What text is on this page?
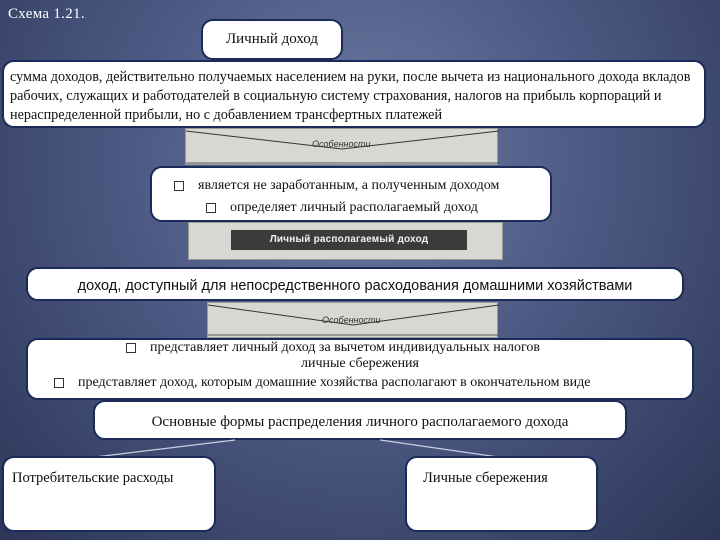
Схема 1.21.
Личный доход
сумма доходов, действительно получаемых населением на руки, после вычета из национального дохода вкладов рабочих, служащих и работодателей в социальную систему страхования, налогов на прибыль корпораций и нераспределенной прибыли, но с добавлением трансфертных платежей
Особенности
является не заработанным, а полученным доходом
определяет личный располагаемый доход
Личный располагаемый доход
доход, доступный для непосредственного расходования домашними хозяйствами
Особенности
представляет личный доход за вычетом индивидуальных налогов
личные сбережения
представляет доход, которым домашние хозяйства располагают в окончательном виде
Основные формы распределения личного располагаемого дохода
Потребительские расходы	Личные сбережения
